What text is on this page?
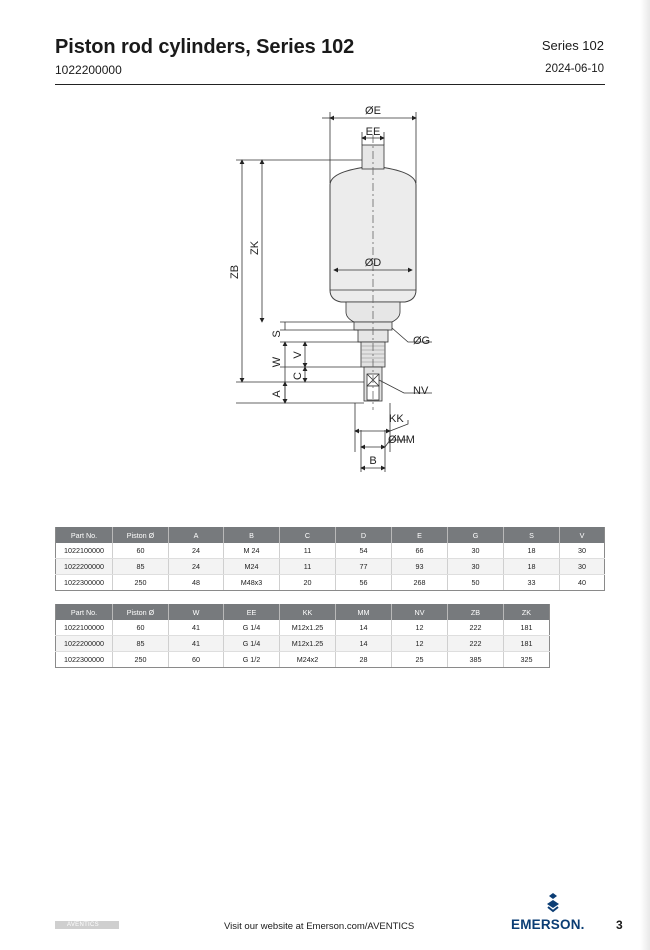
Piston rod cylinders, Series 102
1022200000
Series 102
2024-06-10
ØE
EE
ØD
ØG
NV
KK
ØMM
B
ZB
ZK
S
V
W
C
A
Part No.	Piston Ø	A	B	C	D	E	G	S	V
1022100000	60	24	M 24	11	54	66	30	18	30
1022200000	85	24	M24	11	77	93	30	18	30
1022300000	250	48	M48x3	20	56	268	50	33	40
Part No.	Piston Ø	W	EE	KK	MM	NV	ZB	ZK
1022100000	60	41	G 1/4	M12x1.25	14	12	222	181
1022200000	85	41	G 1/4	M12x1.25	14	12	222	181
1022300000	250	60	G 1/2	M24x2	28	25	385	325
AVENTICS	Visit our website at Emerson.com/AVENTICS	EMERSON.	3
